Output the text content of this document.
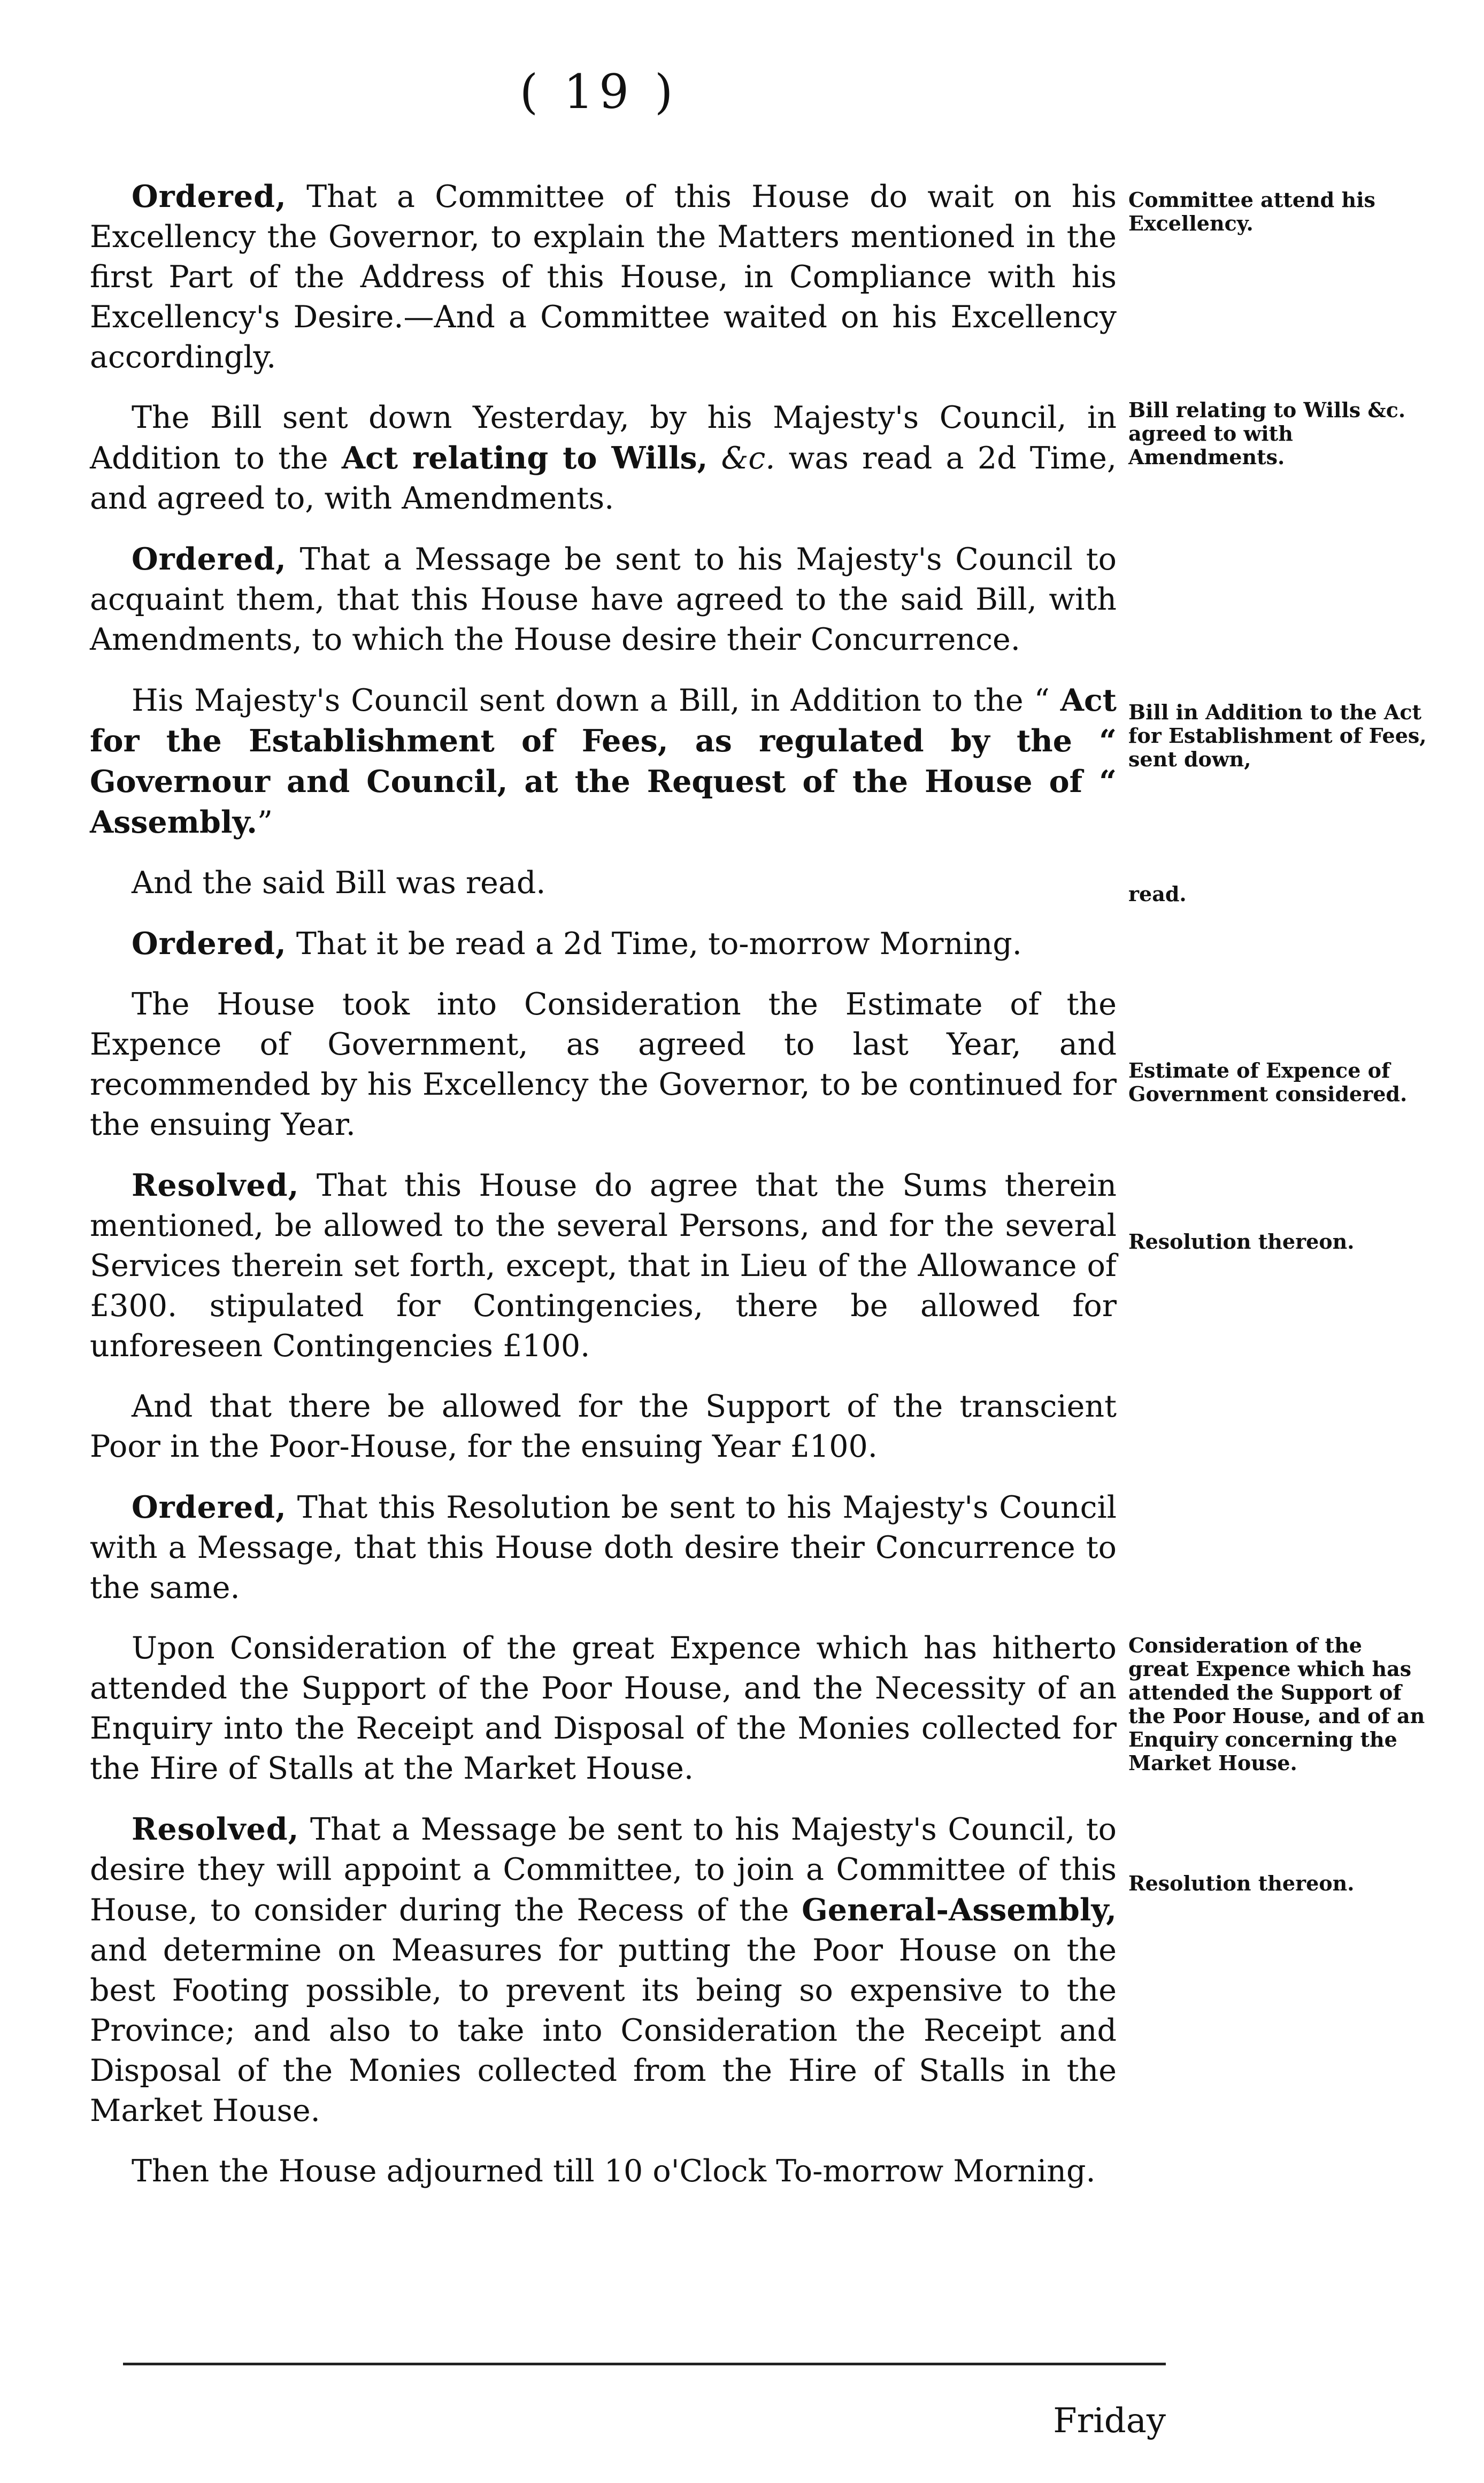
( 19 )

Ordered, That a Committee of this House do wait on his Excellency the Governor, to explain the Matters mentioned in the first Part of the Address of this House, in Compliance with his Excellency's Desire.—And a Committee waited on his Excellency accordingly.

The Bill sent down Yesterday, by his Majesty's Council, in Addition to the Act relating to Wills, &c. was read a 2d Time, and agreed to, with Amendments.

Ordered, That a Message be sent to his Majesty's Council to acquaint them, that this House have agreed to the said Bill, with Amendments, to which the House desire their Concurrence.

His Majesty's Council sent down a Bill, in Addition to the “ Act for the Establishment of Fees, as regulated by the “ Governour and Council, at the Request of the House of “ Assembly.”

And the said Bill was read.

Ordered, That it be read a 2d Time, to-morrow Morning.

The House took into Consideration the Estimate of the Expence of Government, as agreed to last Year, and recommended by his Excellency the Governor, to be continued for the ensuing Year.

Resolved, That this House do agree that the Sums therein mentioned, be allowed to the several Persons, and for the several Services therein set forth, except, that in Lieu of the Allowance of £300. stipulated for Contingencies, there be allowed for unforeseen Contingencies £100.

And that there be allowed for the Support of the transcient Poor in the Poor-House, for the ensuing Year £100.

Ordered, That this Resolution be sent to his Majesty's Council with a Message, that this House doth desire their Concurrence to the same.

Upon Consideration of the great Expence which has hitherto attended the Support of the Poor House, and the Necessity of an Enquiry into the Receipt and Disposal of the Monies collected for the Hire of Stalls at the Market House.

Resolved, That a Message be sent to his Majesty's Council, to desire they will appoint a Committee, to join a Committee of this House, to consider during the Recess of the General-Assembly, and determine on Measures for putting the Poor House on the best Footing possible, to prevent its being so expensive to the Province; and also to take into Consideration the Receipt and Disposal of the Monies collected from the Hire of Stalls in the Market House.

Then the House adjourned till 10 o'Clock To-morrow Morning.

Committee attend his Excellency.
Bill relating to Wills &c. agreed to with Amendments.
Bill in Addition to the Act for Establishment of Fees, sent down,
read.
Estimate of Expence of Government considered.
Resolution thereon.
Consideration of the great Expence which has attended the Support of the Poor House, and of an Enquiry concerning the Market House.
Resolution thereon.
Friday
